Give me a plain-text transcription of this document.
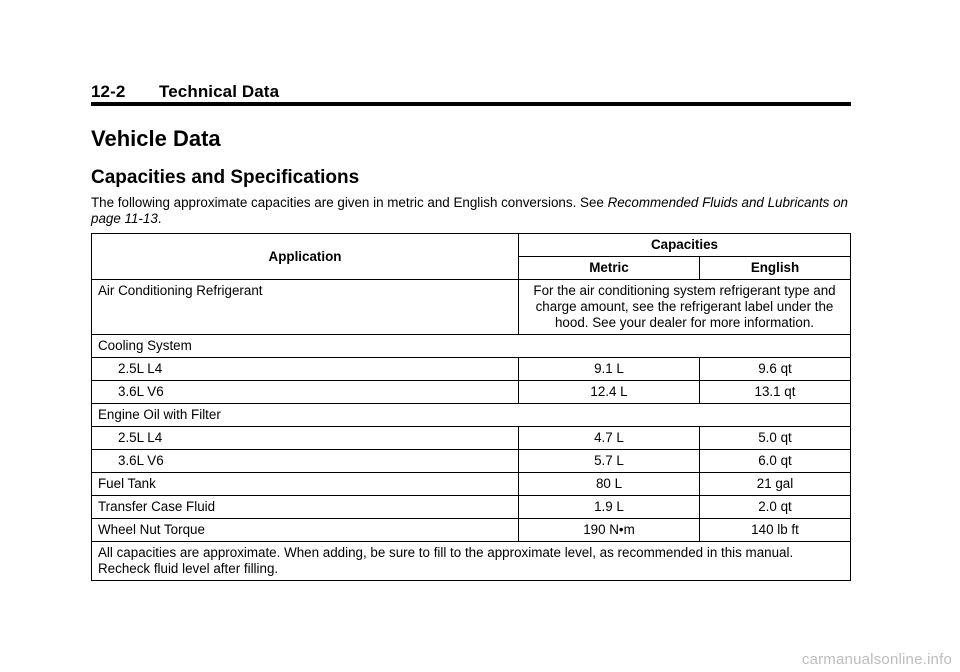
12-2 Technical Data
Vehicle Data
Capacities and Specifications

The following approximate capacities are given in metric and English conversions. See Recommended Fluids and Lubricants on page 11-13.

Application	Capacities	
	Metric	English
Air Conditioning Refrigerant	For the air conditioning system refrigerant type and charge amount, see the refrigerant label under the hood. See your dealer for more information.	
Cooling System		
2.5L L4	9.1 L	9.6 qt
3.6L V6	12.4 L	13.1 qt
Engine Oil with Filter		
2.5L L4	4.7 L	5.0 qt
3.6L V6	5.7 L	6.0 qt
Fuel Tank	80 L	21 gal
Transfer Case Fluid	1.9 L	2.0 qt
Wheel Nut Torque	190 N•m	140 lb ft
All capacities are approximate. When adding, be sure to fill to the approximate level, as recommended in this manual. Recheck fluid level after filling.		
carmanualsonline.info
